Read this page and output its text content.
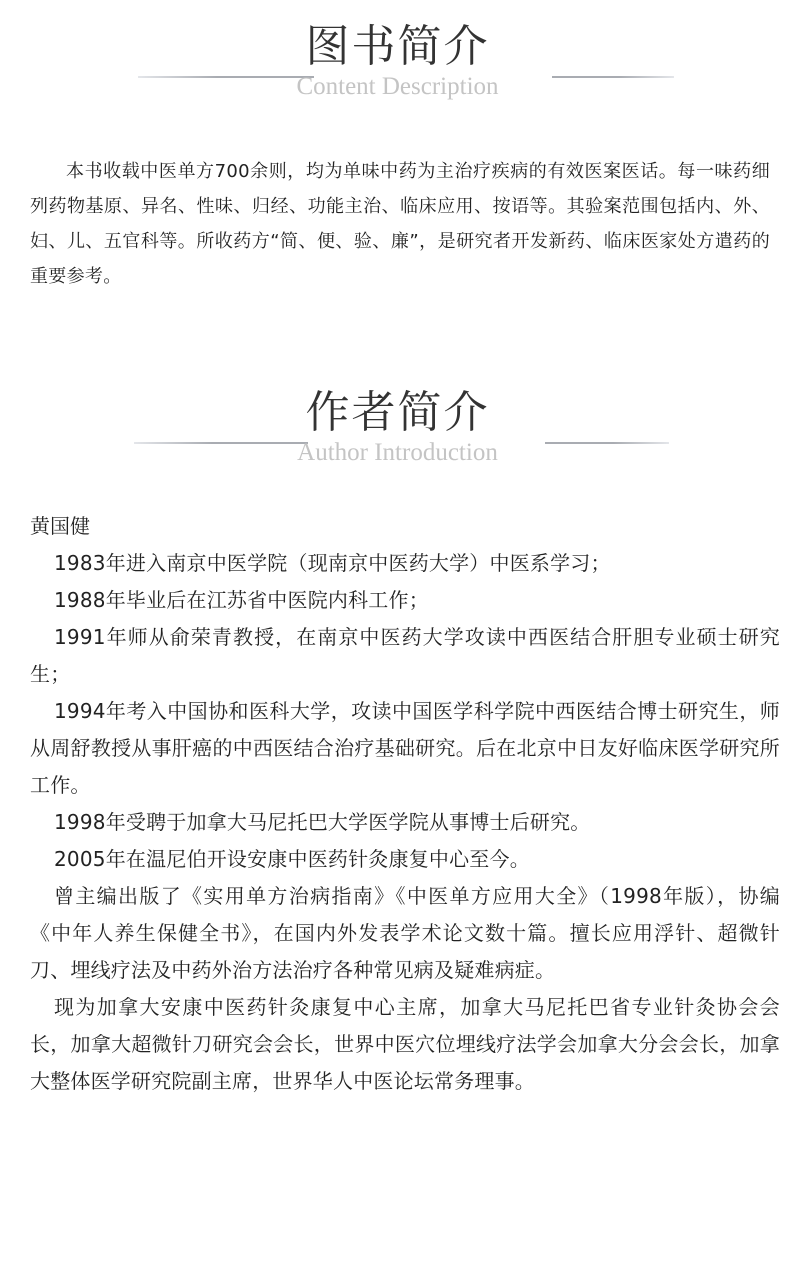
图书简介
Content Description

本书收载中医单方700余则，均为单味中药为主治疗疾病的有效医案医话。每一味药细列药物基原、异名、性味、归经、功能主治、临床应用、按语等。其验案范围包括内、外、妇、儿、五官科等。所收药方“简、便、验、廉”，是研究者开发新药、临床医家处方遣药的重要参考。

作者简介
Author Introduction

黄国健

1983年进入南京中医学院（现南京中医药大学）中医系学习；

1988年毕业后在江苏省中医院内科工作；

1991年师从俞荣青教授，在南京中医药大学攻读中西医结合肝胆专业硕士研究生；

1994年考入中国协和医科大学，攻读中国医学科学院中西医结合博士研究生，师从周舒教授从事肝癌的中西医结合治疗基础研究。后在北京中日友好临床医学研究所工作。

1998年受聘于加拿大马尼托巴大学医学院从事博士后研究。

2005年在温尼伯开设安康中医药针灸康复中心至今。

曾主编出版了《实用单方治病指南》《中医单方应用大全》（1998年版），协编《中年人养生保健全书》，在国内外发表学术论文数十篇。擅长应用浮针、超微针刀、埋线疗法及中药外治方法治疗各种常见病及疑难病症。

现为加拿大安康中医药针灸康复中心主席，加拿大马尼托巴省专业针灸协会会长，加拿大超微针刀研究会会长，世界中医穴位埋线疗法学会加拿大分会会长，加拿大整体医学研究院副主席，世界华人中医论坛常务理事。
